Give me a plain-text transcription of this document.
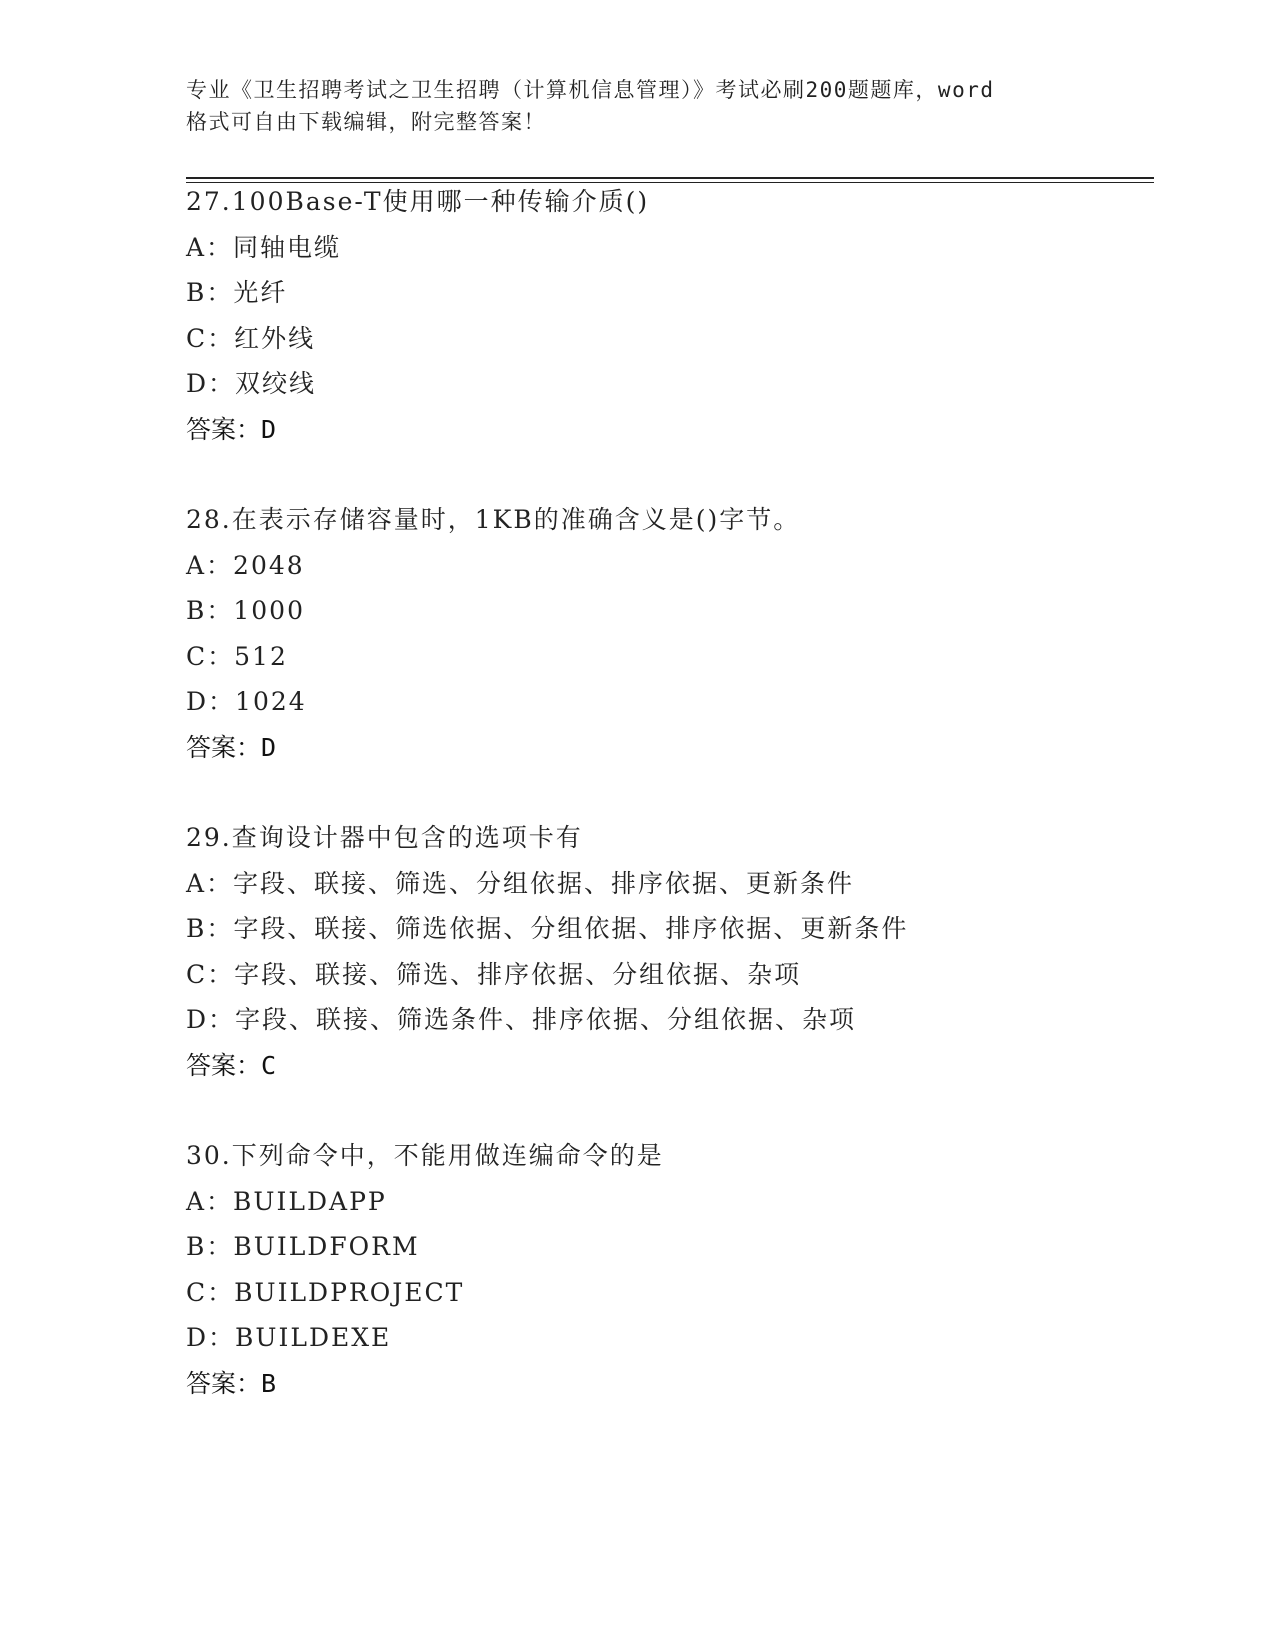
专业《卫生招聘考试之卫生招聘（计算机信息管理）》考试必刷200题题库，word
格式可自由下载编辑，附完整答案！
27.100Base-T使用哪一种传输介质()
A：同轴电缆
B：光纤
C：红外线
D：双绞线
答案：D
28.在表示存储容量时，1KB的准确含义是()字节。
A：2048
B：1000
C：512
D：1024
答案：D
29.查询设计器中包含的选项卡有
A：字段、联接、筛选、分组依据、排序依据、更新条件
B：字段、联接、筛选依据、分组依据、排序依据、更新条件
C：字段、联接、筛选、排序依据、分组依据、杂项
D：字段、联接、筛选条件、排序依据、分组依据、杂项
答案：C
30.下列命令中，不能用做连编命令的是
A：BUILDAPP
B：BUILDFORM
C：BUILDPROJECT
D：BUILDEXE
答案：B
